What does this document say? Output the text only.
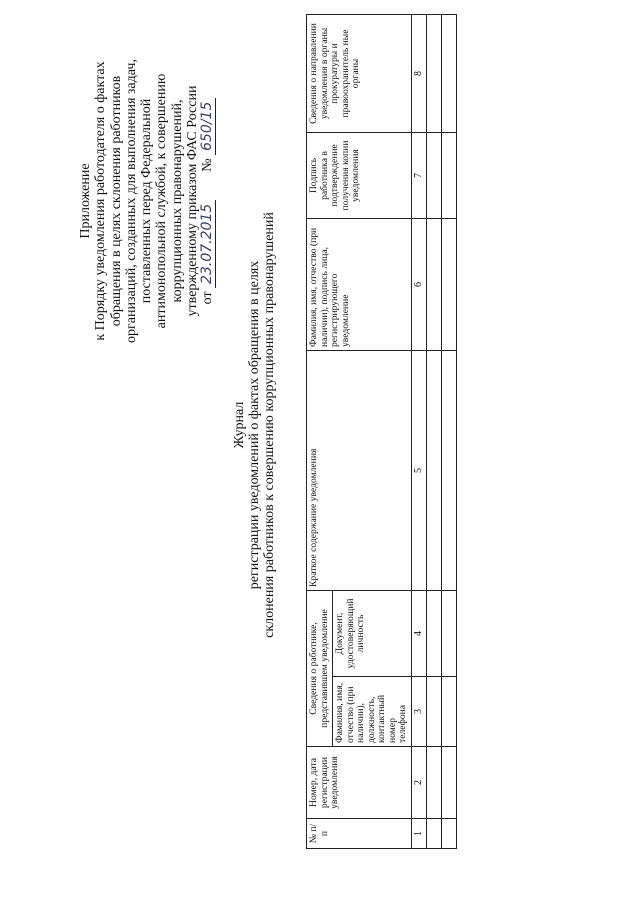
Приложение к Порядку уведомления работодателя о фактах обращения в целях склонения работников организаций, созданных для выполнения задач, поставленных перед Федеральной антимонопольной службой, к совершению коррупционных правонарушений, утвержденному приказом ФАС России от 23.07.2015        № 650/15
Журнал регистрации уведомлений о фактах обращения в целях склонения работников к совершению коррупционных правонарушений
№ п/п	Номер, дата регистрации уведомления	Сведения о работнике, представившем уведомление		Краткое содержание уведомления	Фамилия, имя, отчество (при наличии), подпись лица, регистрирующего уведомление	Подпись работника в подтверждение получения копии уведомления	Сведения о направлении уведомления в органы прокуратуры и правоохранитель ные органы
		Фамилия, имя, отчество (при наличии), должность, контактный номер телефона	Документ, удостоверяющий личность				
1	2	3	4	5	6	7	8
